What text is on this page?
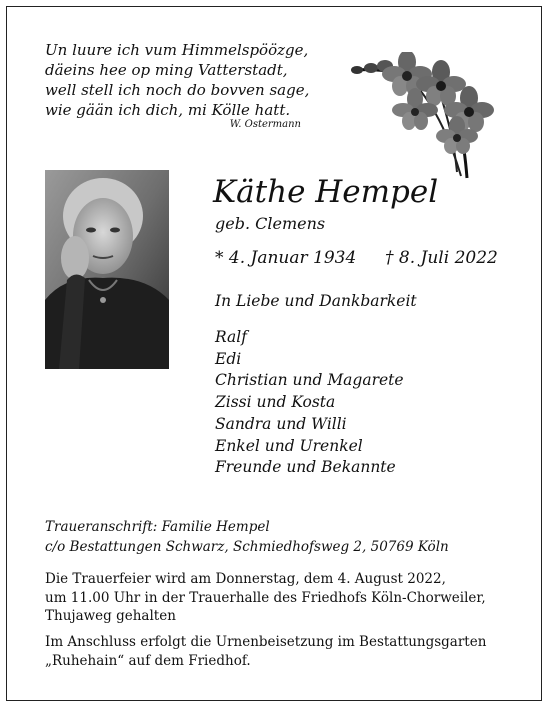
Un luure ich vum Himmelspöözge,
däeins hee op ming Vatterstadt,
well stell ich noch do bovven sage,
wie gään ich dich, mi Kölle hatt.
W. Ostermann
Käthe Hempel
geb. Clemens
* 4. Januar 1934 † 8. Juli 2022
In Liebe und Dankbarkeit
Ralf
Edi
Christian und Magarete
Zissi und Kosta
Sandra und Willi
Enkel und Urenkel
Freunde und Bekannte
Traueranschrift: Familie Hempel
c/o Bestattungen Schwarz, Schmiedhofsweg 2, 50769 Köln
Die Trauerfeier wird am Donnerstag, dem 4. August 2022,
um 11.00 Uhr in der Trauerhalle des Friedhofs Köln-Chorweiler,
Thujaweg gehalten
Im Anschluss erfolgt die Urnenbeisetzung im Bestattungsgarten
„Ruhehain“ auf dem Friedhof.
